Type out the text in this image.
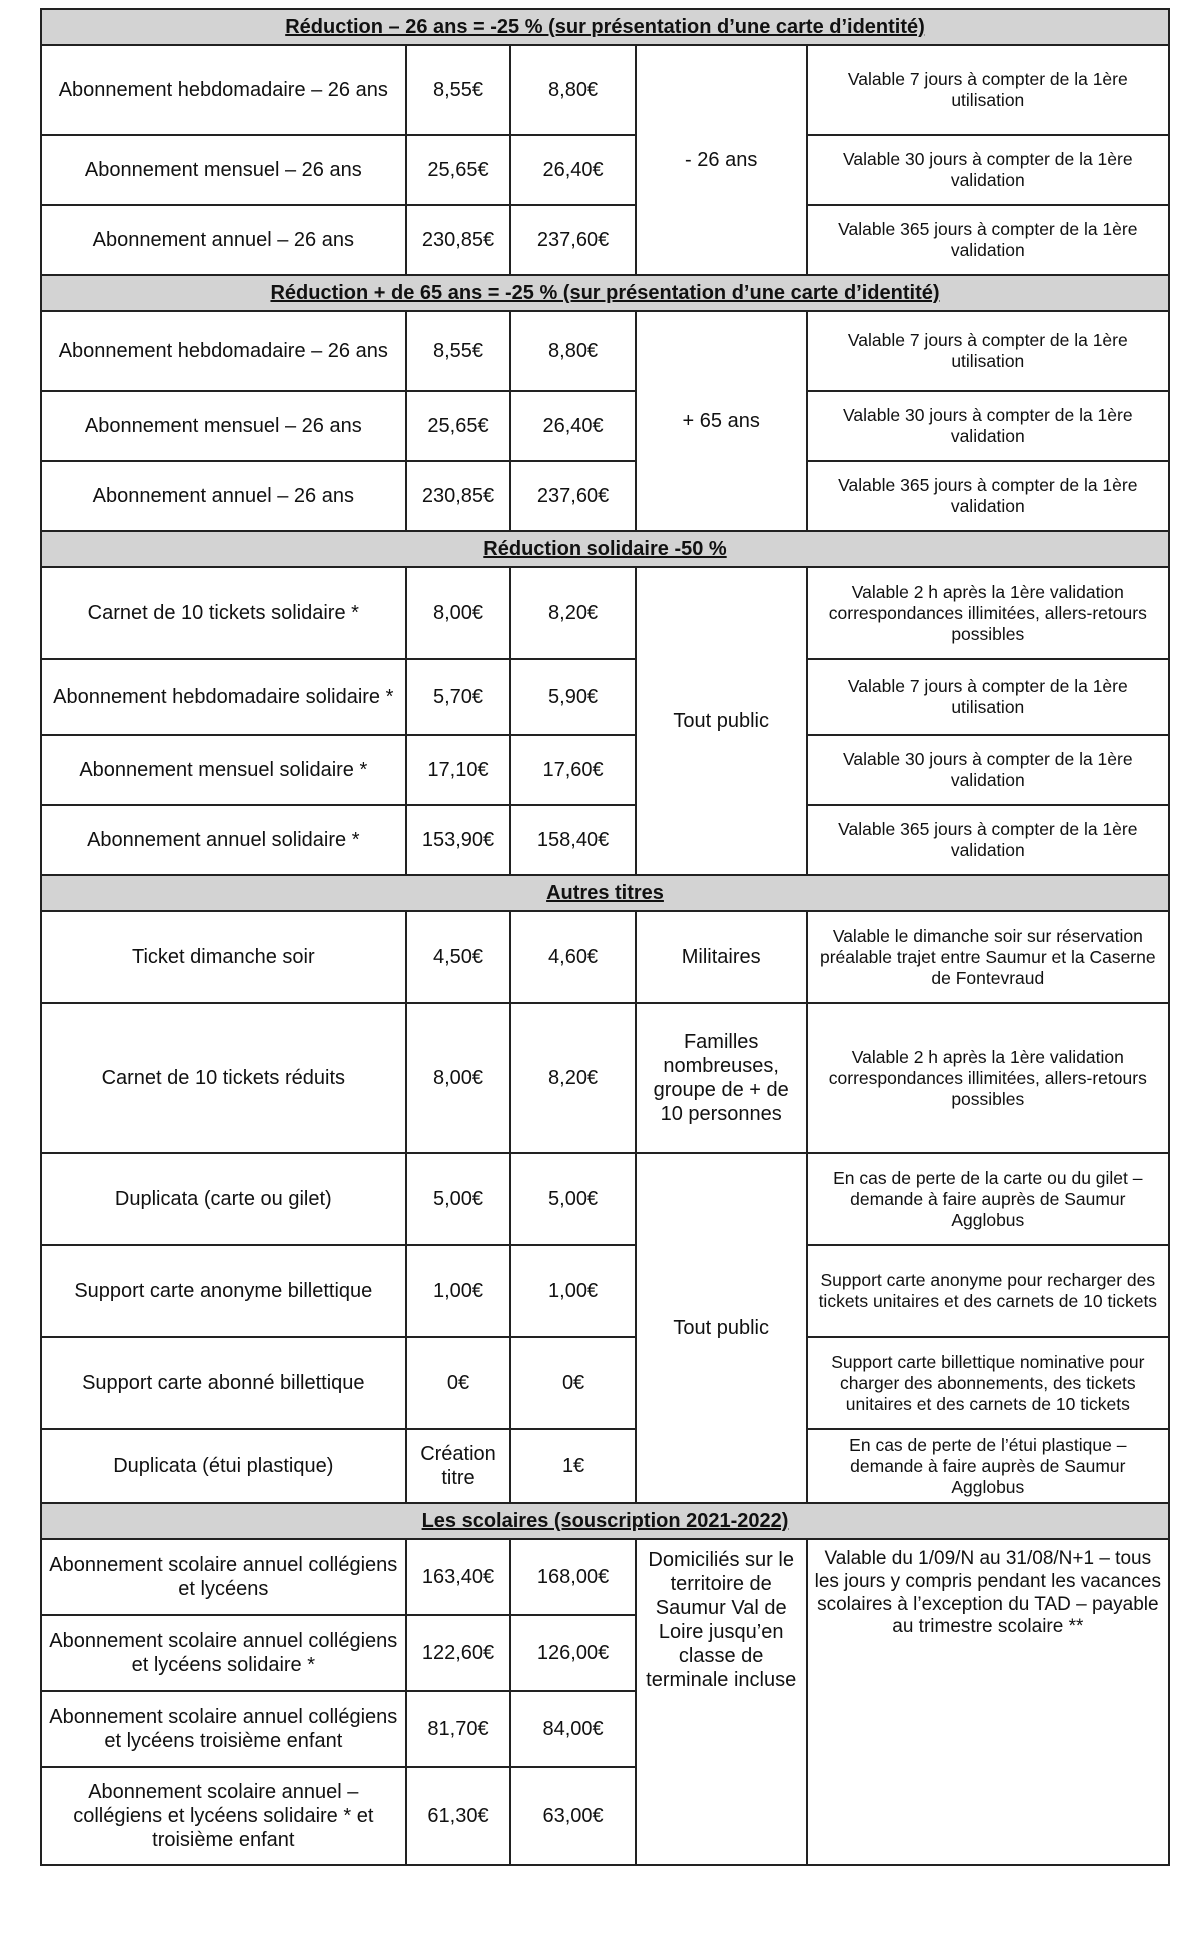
Réduction – 26 ans = -25 % (sur présentation d’une carte d’identité)				
Abonnement hebdomadaire – 26 ans	8,55€	8,80€	- 26 ans	Valable 7 jours à compter de la 1ère utilisation
Abonnement mensuel – 26 ans	25,65€	26,40€		Valable 30 jours à compter de la 1ère validation
Abonnement annuel – 26 ans	230,85€	237,60€		Valable 365 jours à compter de la 1ère validation
Réduction + de 65 ans = -25 % (sur présentation d’une carte d’identité)				
Abonnement hebdomadaire – 26 ans	8,55€	8,80€	+ 65 ans	Valable 7 jours à compter de la 1ère utilisation
Abonnement mensuel – 26 ans	25,65€	26,40€		Valable 30 jours à compter de la 1ère validation
Abonnement annuel – 26 ans	230,85€	237,60€		Valable 365 jours à compter de la 1ère validation
Réduction solidaire -50 %				
Carnet de 10 tickets solidaire *	8,00€	8,20€	Tout public	Valable 2 h après la 1ère validation correspondances illimitées, allers-retours possibles
Abonnement hebdomadaire solidaire *	5,70€	5,90€		Valable 7 jours à compter de la 1ère utilisation
Abonnement mensuel solidaire *	17,10€	17,60€		Valable 30 jours à compter de la 1ère validation
Abonnement annuel solidaire *	153,90€	158,40€		Valable 365 jours à compter de la 1ère validation
Autres titres				
Ticket dimanche soir	4,50€	4,60€	Militaires	Valable le dimanche soir sur réservation préalable trajet entre Saumur et la Caserne de Fontevraud
Carnet de 10 tickets réduits	8,00€	8,20€	Familles nombreuses, groupe de + de 10 personnes	Valable 2 h après la 1ère validation correspondances illimitées, allers-retours possibles
Duplicata (carte ou gilet)	5,00€	5,00€	Tout public	En cas de perte de la carte ou du gilet – demande à faire auprès de Saumur Agglobus
Support carte anonyme billettique	1,00€	1,00€		Support carte anonyme pour recharger des tickets unitaires et des carnets de 10 tickets
Support carte abonné billettique	0€	0€		Support carte billettique nominative pour charger des abonnements, des tickets unitaires et des carnets de 10 tickets
Duplicata (étui plastique)	Création titre	1€		En cas de perte de l’étui plastique – demande à faire auprès de Saumur Agglobus
Les scolaires (souscription 2021-2022)				
Abonnement scolaire annuel collégiens et lycéens	163,40€	168,00€	Domiciliés sur le territoire de Saumur Val de Loire jusqu’en classe de terminale incluse	Valable du 1/09/N au 31/08/N+1 – tous les jours y compris pendant les vacances scolaires à l’exception du TAD – payable au trimestre scolaire **
Abonnement scolaire annuel collégiens et lycéens solidaire *	122,60€	126,00€		
Abonnement scolaire annuel collégiens et lycéens troisième enfant	81,70€	84,00€		
Abonnement scolaire annuel – collégiens et lycéens solidaire * et troisième enfant	61,30€	63,00€		
